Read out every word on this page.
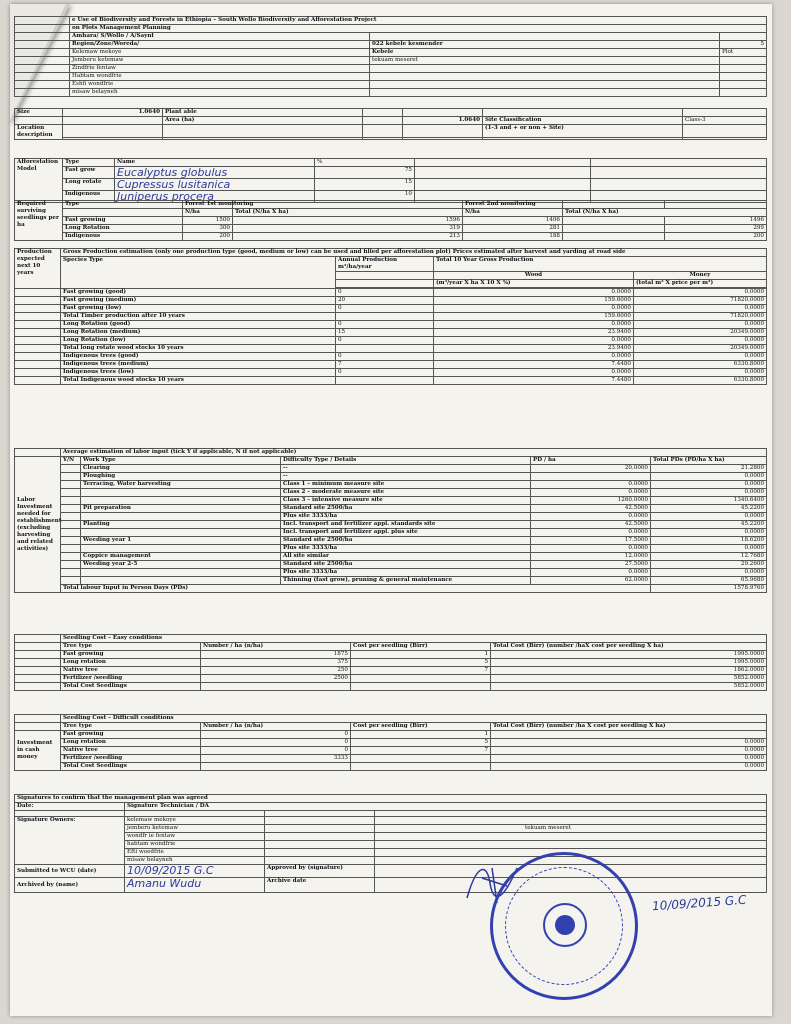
	e Use of Biodiversity and Forests in Ethiopia – South Wollo Biodiversity and Afforestation Project		
	on Plots Management Planning		
	Amhara/ S/Wollo / A/Saynt		
	Region/Zone/Woreda/	022 kebele kesmender	5
	Kelemaw mekoye	Kebele	Plot
	Jemberu ketemaw	tekuam meseret	
	Zindfrie fentaw		
	Habtam wondfrie		
	Eshfi wondfrie		
	misaw belayneh		
Size	1.0640	Plant able				
		Area (ha)		1.0640	Site Classification	Class-3
Location description					(1-3 and + or non + Site)	

Afforestation Model	Type	Name	%		
	Fast grow	Eucalyptus globulus	75		
	Long rotate	Cupressus lusitanica	15		
	Indigenous	Juniperus procera	10		
Required surviving seedlings per ha	Type	Forest 1st monitoring		Forest 2nd monitoring		
		N/ha	Total (N/ha X ha)	N/ha	Total (N/ha X ha)	
	Fast growing	1500	1596	1406		1496
	Long Rotation	300	319	281		299
	Indigenous	200	213	188		200
Production expected next 10 years	Gross Production estimation (only one production type (good, medium or low) can be used and filled per afforestation plot) Prices estimated after harvest and yarding at road side			
	Species Type	Annual Production m³/ha/year	Total 10 Year Gross Production	
			Wood	Money
			(m³/year X ha X 10 X %)	(total m³ X price per m³)

	Fast growing (good)	0	0.0000	0.0000
	Fast growing (medium)	20	159.6000	71820.0000
	Fast growing (low)	0	0.0000	0.0000
	Total Timber production after 10 years		159.6000	71820.0000
	Long Rotation (good)	0	0.0000	0.0000
	Long Rotation (medium)	15	23.9400	20349.0000
	Long Rotation (low)	0	0.0000	0.0000
	Total long rotate wood stocks 10 years		23.9400	20349.0000
	Indigenous trees (good)	0	0.0000	0.0000
	Indigenous trees (medium)	7	7.4480	6330.8000
	Indigenous trees (low)	0	0.0000	0.0000
	Total Indigenous wood stocks 10 years		7.4480	6330.8000
	Average estimation of labor input (tick Y if applicable, N if not applicable)				
Labor Investment needed for establishment (excluding harvesting and related activities)	Y/N	Work Type	Difficulty Type / Details	PD / ha	Total PDs (PD/ha X ha)
		Clearing	--	20.0000	21.2800
		Ploughing	--		0.0000
		Terracing, Water harvesting	Class 1 – minimum measure site	0.0000	0.0000
			Class 2 – moderate measure site	0.0000	0.0000
			Class 3 – intensive measure site	1260.0000	1340.6400
		Pit preparation	Standard site 2500/ha	42.5000	45.2200
			Plus site 3333/ha	0.0000	0.0000
		Planting	Incl. transport and fertilizer appl. standards site	42.5000	45.2200
			Incl. transport and fertilizer appl. plus site	0.0000	0.0000
		Weeding year 1	Standard site 2500/ha	17.5000	18.6200
			Plus site 3333/ha	0.0000	0.0000
		Coppice management	All site similar	12.0000	12.7680
		Weeding year 2-5	Standard site 2500/ha	27.5000	29.2600
			Plus site 3333/ha	0.0000	0.0000
			Thinning (fast grow), pruning & general maintenance	62.0000	65.9680
	Total labour Input in Person Days (PDs)				1578.9760
	Seedling Cost – Easy conditions			
	Tree type	Number / ha (n/ha)	Cost per seedling (Birr)	Total Cost (Birr) (number /haX cost per seedling X ha)
	Fast growing	1875	1	1995.0000
	Long rotation	375	5	1995.0000
	Native tree	250	7	1862.0000
	Fertilizer /seedling	2500		5852.0000
	Total Cost Seedlings			5852.0000
	Seedling Cost – Difficult conditions			
	Tree type	Number / ha (n/ha)	Cost per seedling (Birr)	Total Cost (Birr) (number /ha X cost per seedling X ha)
Investment in cash money	Fast growing	0	1	
	Long rotation	0	5	0.0000
	Native tree	0	7	0.0000
	Fertilizer /seedling	3333		0.0000
	Total Cost Seedlings			0.0000
Signatures to confirm that the management plan was agreed			
Date:	Signature Technician / DA		

Signature Owners:	kelemaw mekoye		
	jemberu ketemaw		tekuam meseret
	wondfr ie fentaw		
	habtam wondfrie		
	Efti woedfrie		
	misaw belayneh		
Submitted to WCU (date)	10/09/2015 G.C	Approved by (signature)	
Archived by (name)	Amanu Wudu	Archive date	
10/09/2015 G.C
